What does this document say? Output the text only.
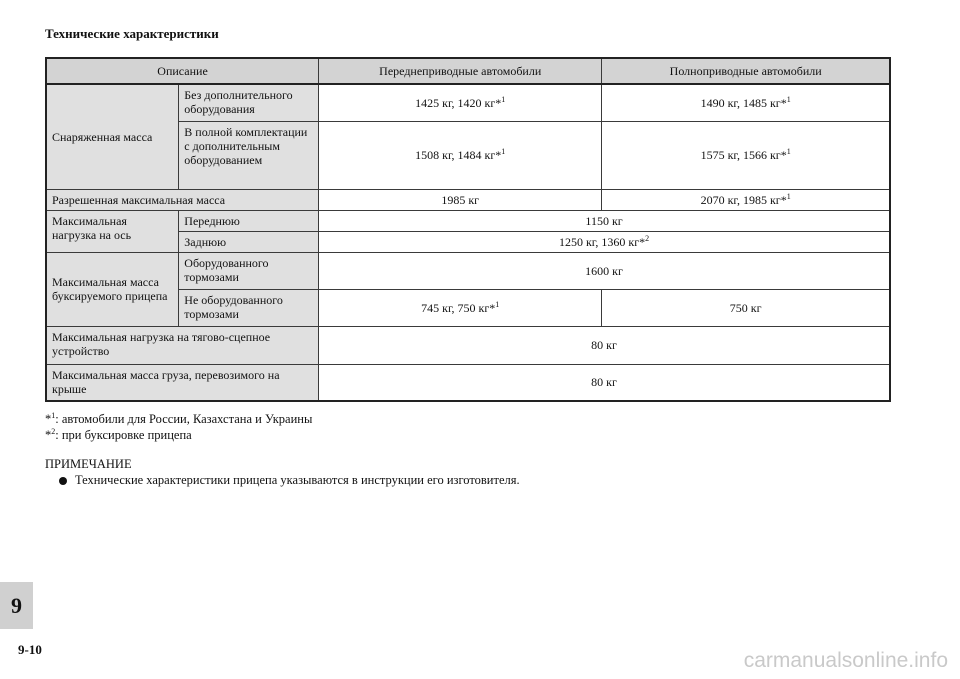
Технические характеристики
Описание		Переднеприводные автомобили	Полноприводные автомобили
Снаряженная масса	Без дополнительного оборудования	1425 кг, 1420 кг*$^1$	1490 кг, 1485 кг*$^1$
	В полной комплектации с дополнительным оборудованием	1508 кг, 1484 кг*$^1$	1575 кг, 1566 кг*$^1$
Разрешенная максимальная масса		1985 кг	2070 кг, 1985 кг*$^1$
Максимальная нагрузка на ось	Переднюю	1150 кг	
	Заднюю	1250 кг, 1360 кг*$^2$
Максимальная масса буксируемого прицепа	Оборудованного тормозами	1600 кг	
	Не оборудованного тормозами	745 кг, 750 кг*$^1$	750 кг
Максимальная нагрузка на тягово-сцепное устройство		80 кг	
Максимальная масса груза, перевозимого на крыше		80 кг	
*$^1$: автомобили для России, Казахстана и Украины
*$^2$: при буксировке прицепа
ПРИМЕЧАНИЕ
Технические характеристики прицепа указываются в инструкции его изготовителя.
9
9-10	carmanualsonline.info
